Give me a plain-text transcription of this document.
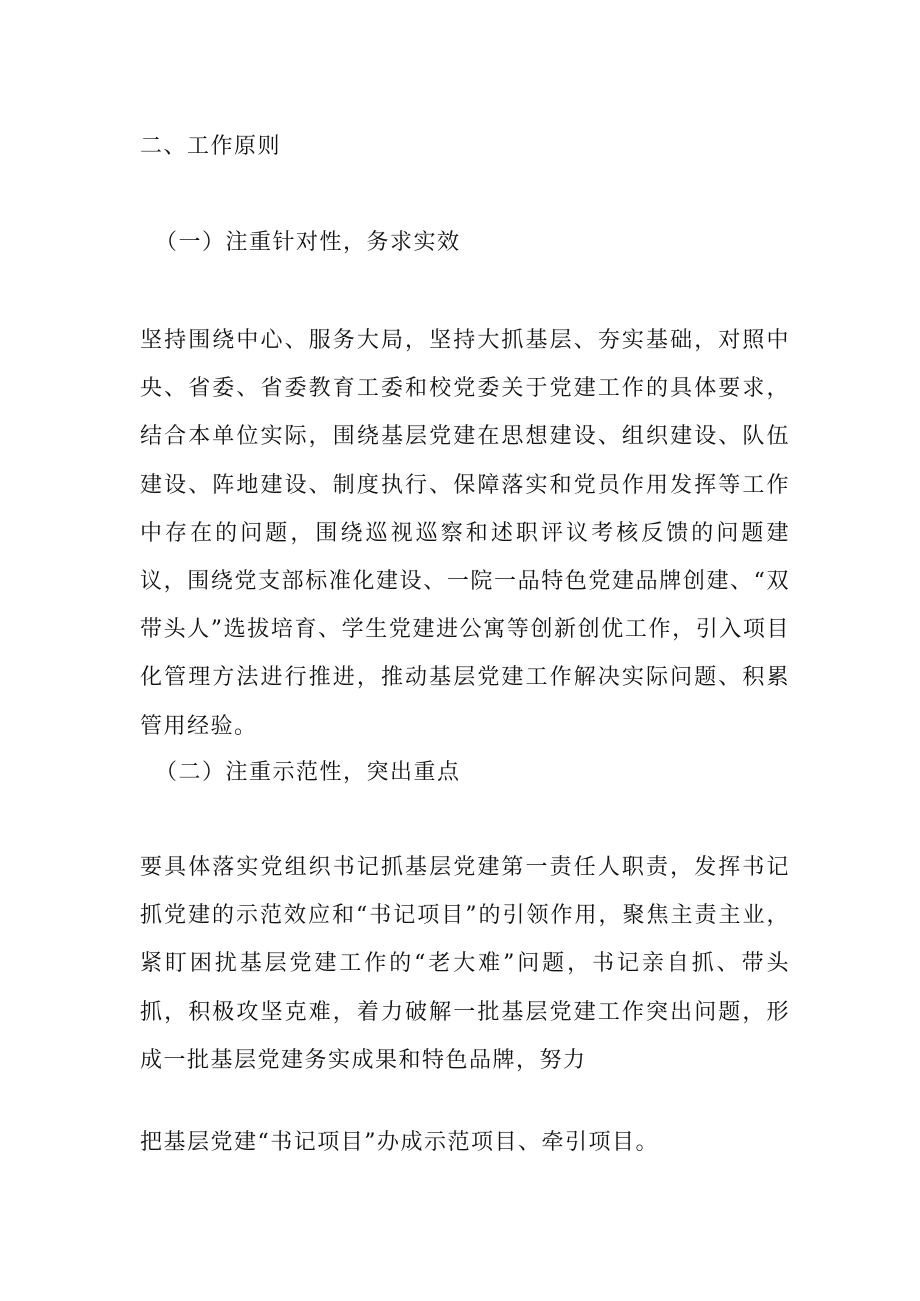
二、工作原则
（一）注重针对性，务求实效
坚持围绕中心、服务大局，坚持大抓基层、夯实基础，对照中央、省委、省委教育工委和校党委关于党建工作的具体要求，结合本单位实际，围绕基层党建在思想建设、组织建设、队伍建设、阵地建设、制度执行、保障落实和党员作用发挥等工作中存在的问题，围绕巡视巡察和述职评议考核反馈的问题建议，围绕党支部标准化建设、一院一品特色党建品牌创建、“双带头人”选拔培育、学生党建进公寓等创新创优工作，引入项目化管理方法进行推进，推动基层党建工作解决实际问题、积累管用经验。
（二）注重示范性，突出重点
要具体落实党组织书记抓基层党建第一责任人职责，发挥书记抓党建的示范效应和“书记项目”的引领作用，聚焦主责主业，紧盯困扰基层党建工作的“老大难”问题，书记亲自抓、带头抓，积极攻坚克难，着力破解一批基层党建工作突出问题，形成一批基层党建务实成果和特色品牌，努力
把基层党建“书记项目”办成示范项目、牵引项目。
